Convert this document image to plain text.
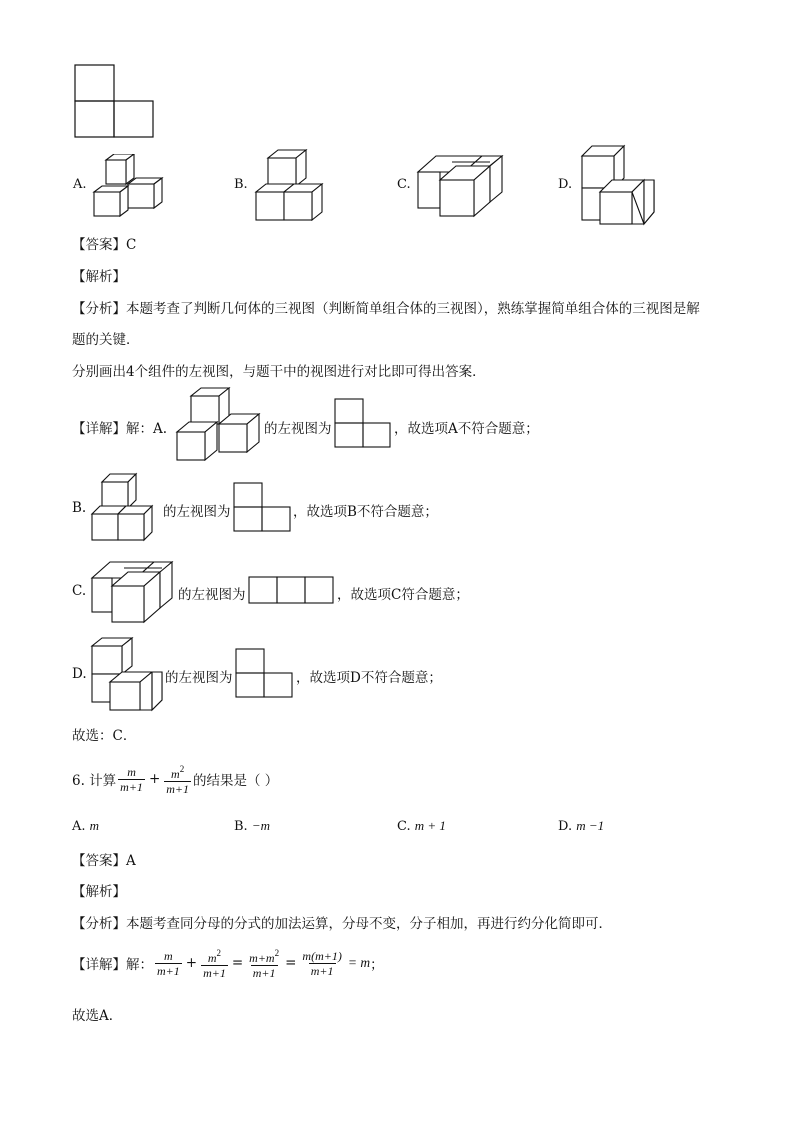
A.	B.	C.	D.
【答案】C
【解析】
【分析】本题考查了判断几何体的三视图（判断简单组合体的三视图），熟练掌握简单组合体的三视图是解
题的关键．
分别画出4个组件的左视图，与题干中的视图进行对比即可得出答案．
【详解】解：A.	的左视图为	，故选项A不符合题意；
B.	的左视图为	，故选项B不符合题意；
C.	的左视图为	，故选项C符合题意；
D.	的左视图为	，故选项D不符合题意；
故选：C．
6. 计算 $\frac{m}{m+1} + \frac{m^2}{m+1}$ 的结果是（ ）
A. m	B. −m	C. m + 1	D. m −1
【答案】A
【解析】
【分析】本题考查同分母的分式的加法运算，分母不变，分子相加，再进行约分化简即可．
【详解】 解： $\frac{m}{m+1} + \frac{m^2}{m+1} = \frac{m+m^2}{m+1} = \frac{m(m+1)}{m+1} = m$ ；
故选A．
